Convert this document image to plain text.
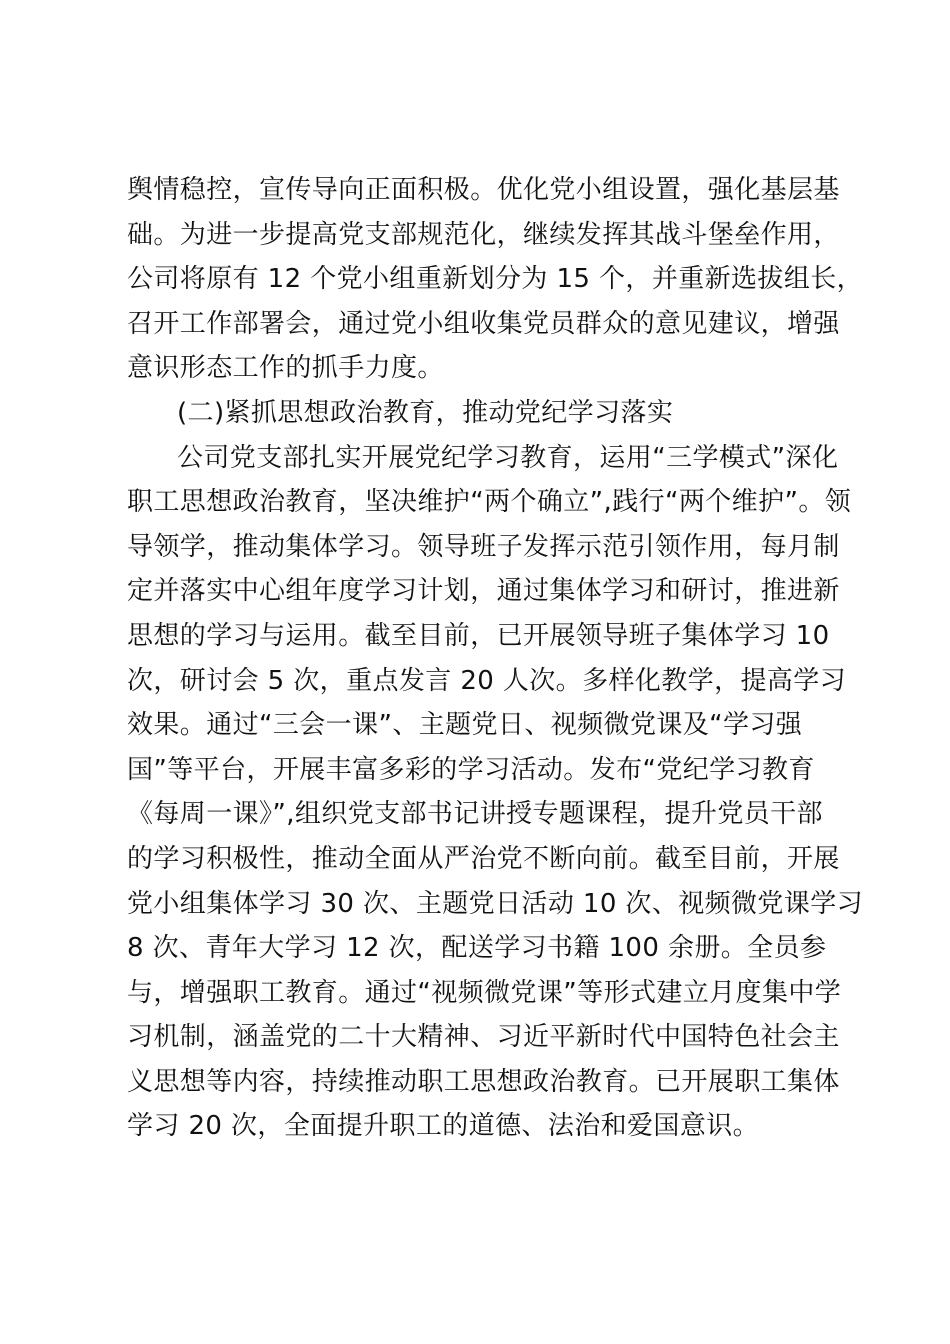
舆情稳控，宣传导向正面积极。优化党小组设置，强化基层基
础。为进一步提高党支部规范化，继续发挥其战斗堡垒作用，
公司将原有 12 个党小组重新划分为 15 个，并重新选拔组长，
召开工作部署会，通过党小组收集党员群众的意见建议，增强
意识形态工作的抓手力度。
(二)紧抓思想政治教育，推动党纪学习落实
公司党支部扎实开展党纪学习教育，运用“三学模式”深化
职工思想政治教育，坚决维护“两个确立”,践行“两个维护”。领
导领学，推动集体学习。领导班子发挥示范引领作用，每月制
定并落实中心组年度学习计划，通过集体学习和研讨，推进新
思想的学习与运用。截至目前，已开展领导班子集体学习 10
次，研讨会 5 次，重点发言 20 人次。多样化教学，提高学习
效果。通过“三会一课”、主题党日、视频微党课及“学习强
国”等平台，开展丰富多彩的学习活动。发布“党纪学习教育
《每周一课》”,组织党支部书记讲授专题课程，提升党员干部
的学习积极性，推动全面从严治党不断向前。截至目前，开展
党小组集体学习 30 次、主题党日活动 10 次、视频微党课学习
8 次、青年大学习 12 次，配送学习书籍 100 余册。全员参
与，增强职工教育。通过“视频微党课”等形式建立月度集中学
习机制，涵盖党的二十大精神、习近平新时代中国特色社会主
义思想等内容，持续推动职工思想政治教育。已开展职工集体
学习 20 次，全面提升职工的道德、法治和爱国意识。
